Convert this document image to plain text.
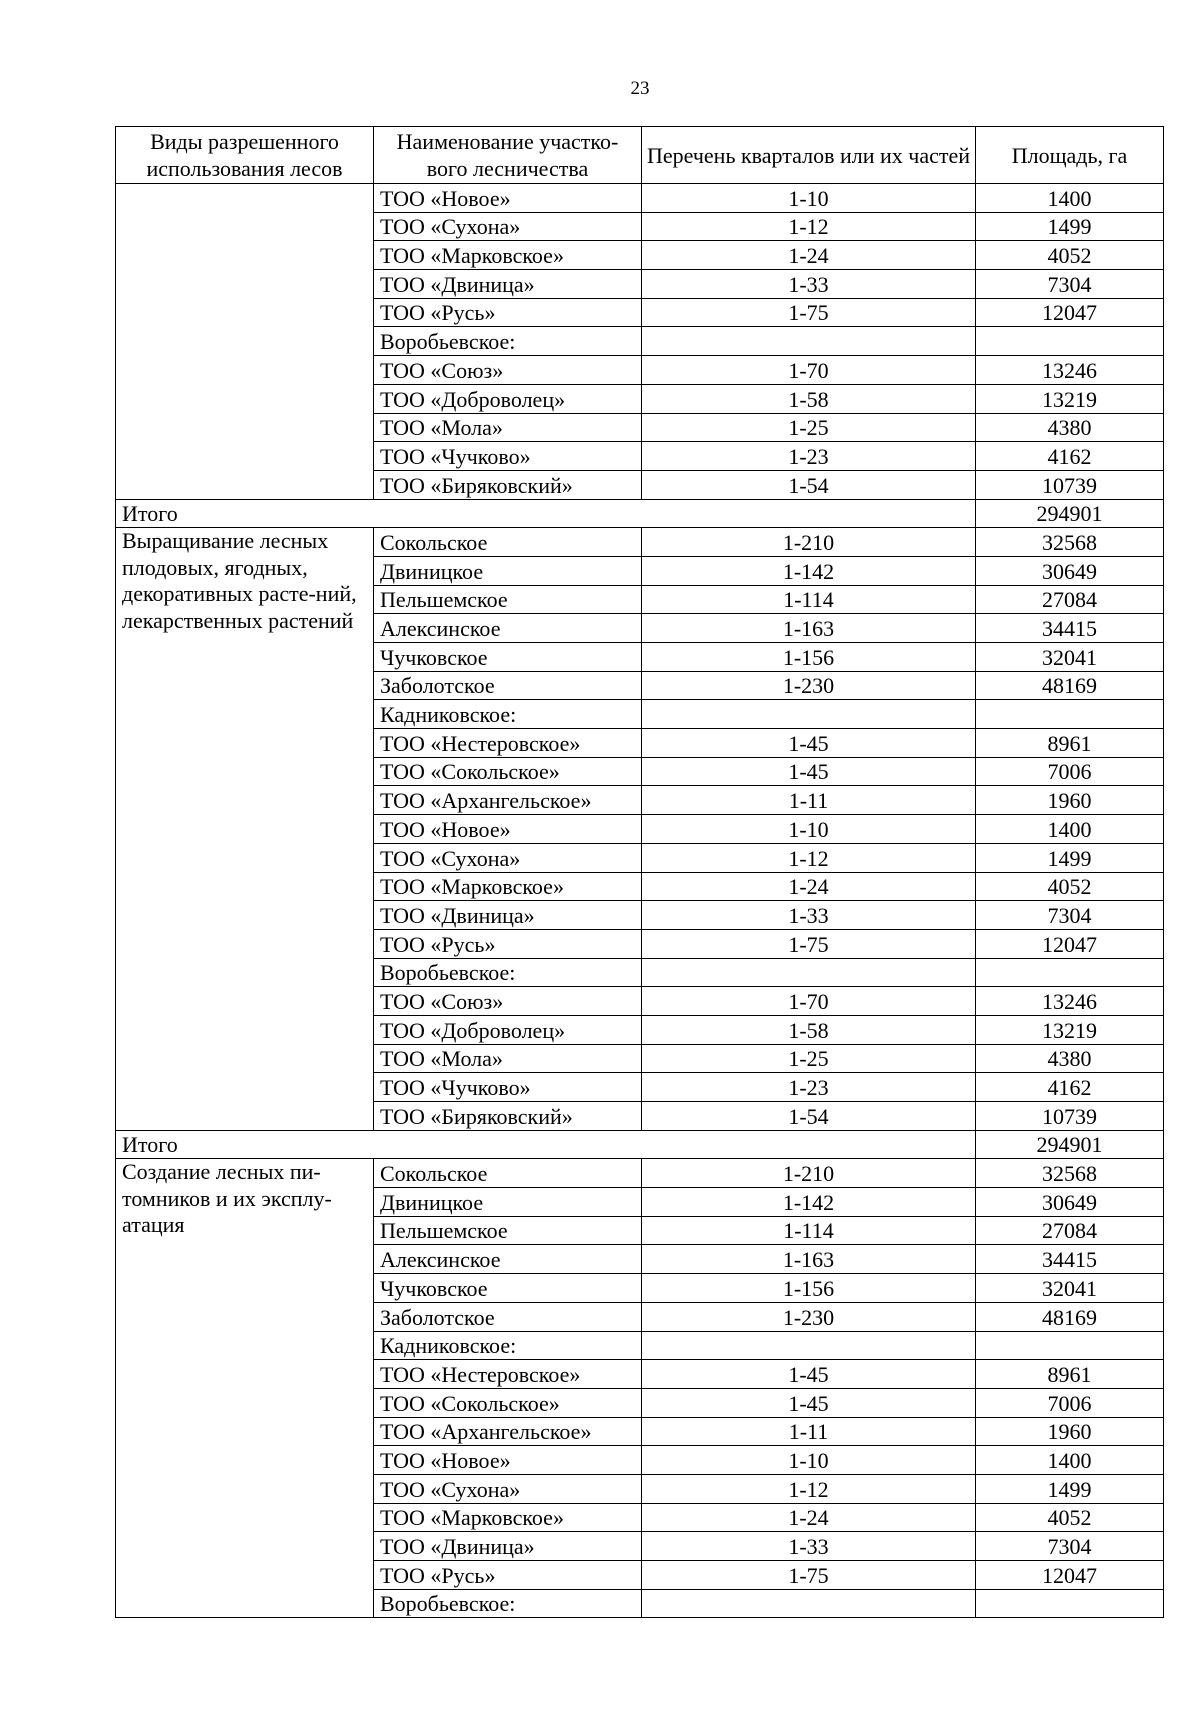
23
Виды разрешенного использования лесов	Наименование участко-вого лесничества	Перечень кварталов или их частей	Площадь, га
	ТОО «Новое»	1-10	1400
	ТОО «Сухона»	1-12	1499
	ТОО «Марковское»	1-24	4052
	ТОО «Двиница»	1-33	7304
	ТОО «Русь»	1-75	12047
	Воробьевское:		
	ТОО «Союз»	1-70	13246
	ТОО «Доброволец»	1-58	13219
	ТОО «Мола»	1-25	4380
	ТОО «Чучково»	1-23	4162
	ТОО «Биряковский»	1-54	10739
Итого			294901
Выращивание лесных плодовых, ягодных, декоративных расте-ний, лекарственных растений	Сокольское	1-210	32568
	Двиницкое	1-142	30649
	Пельшемское	1-114	27084
	Алексинское	1-163	34415
	Чучковское	1-156	32041
	Заболотское	1-230	48169
	Кадниковское:		
	ТОО «Нестеровское»	1-45	8961
	ТОО «Сокольское»	1-45	7006
	ТОО «Архангельское»	1-11	1960
	ТОО «Новое»	1-10	1400
	ТОО «Сухона»	1-12	1499
	ТОО «Марковское»	1-24	4052
	ТОО «Двиница»	1-33	7304
	ТОО «Русь»	1-75	12047
	Воробьевское:		
	ТОО «Союз»	1-70	13246
	ТОО «Доброволец»	1-58	13219
	ТОО «Мола»	1-25	4380
	ТОО «Чучково»	1-23	4162
	ТОО «Биряковский»	1-54	10739
Итого			294901
Создание лесных пи-томников и их эксплу-атация	Сокольское	1-210	32568
	Двиницкое	1-142	30649
	Пельшемское	1-114	27084
	Алексинское	1-163	34415
	Чучковское	1-156	32041
	Заболотское	1-230	48169
	Кадниковское:		
	ТОО «Нестеровское»	1-45	8961
	ТОО «Сокольское»	1-45	7006
	ТОО «Архангельское»	1-11	1960
	ТОО «Новое»	1-10	1400
	ТОО «Сухона»	1-12	1499
	ТОО «Марковское»	1-24	4052
	ТОО «Двиница»	1-33	7304
	ТОО «Русь»	1-75	12047
	Воробьевское:		
